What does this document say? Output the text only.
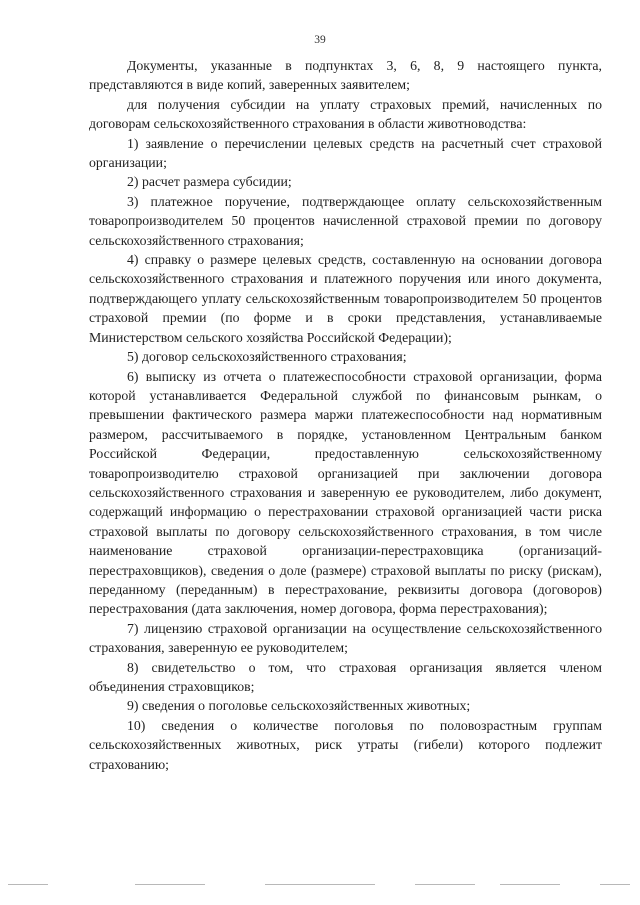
39

Документы, указанные в подпунктах 3, 6, 8, 9 настоящего пункта, представляются в виде копий, заверенных заявителем;

для получения субсидии на уплату страховых премий, начисленных по договорам сельскохозяйственного страхования в области животноводства:

1) заявление о перечислении целевых средств на расчетный счет страховой организации;

2) расчет размера субсидии;

3) платежное поручение, подтверждающее оплату сельскохозяйственным товаропроизводителем 50 процентов начисленной страховой премии по договору сельскохозяйственного страхования;

4) справку о размере целевых средств, составленную на основании договора сельскохозяйственного страхования и платежного поручения или иного документа, подтверждающего уплату сельскохозяйственным товаропроизводителем 50 процентов страховой премии (по форме и в сроки представления, устанавливаемые Министерством сельского хозяйства Российской Федерации);

5) договор сельскохозяйственного страхования;

6) выписку из отчета о платежеспособности страховой организации, форма которой устанавливается Федеральной службой по финансовым рынкам, о превышении фактического размера маржи платежеспособности над нормативным размером, рассчитываемого в порядке, установленном Центральным банком Российской Федерации, предоставленную сельскохозяйственному товаропроизводителю страховой организацией при заключении договора сельскохозяйственного страхования и заверенную ее руководителем, либо документ, содержащий информацию о перестраховании страховой организацией части риска страховой выплаты по договору сельскохозяйственного страхования, в том числе наименование страховой организации-перестраховщика (организаций-перестраховщиков), сведения о доле (размере) страховой выплаты по риску (рискам), переданному (переданным) в перестрахование, реквизиты договора (договоров) перестрахования (дата заключения, номер договора, форма перестрахования);

7) лицензию страховой организации на осуществление сельскохозяйственного страхования, заверенную ее руководителем;

8) свидетельство о том, что страховая организация является членом объединения страховщиков;

9) сведения о поголовье сельскохозяйственных животных;

10) сведения о количестве поголовья по половозрастным группам сельскохозяйственных животных, риск утраты (гибели) которого подлежит страхованию;
